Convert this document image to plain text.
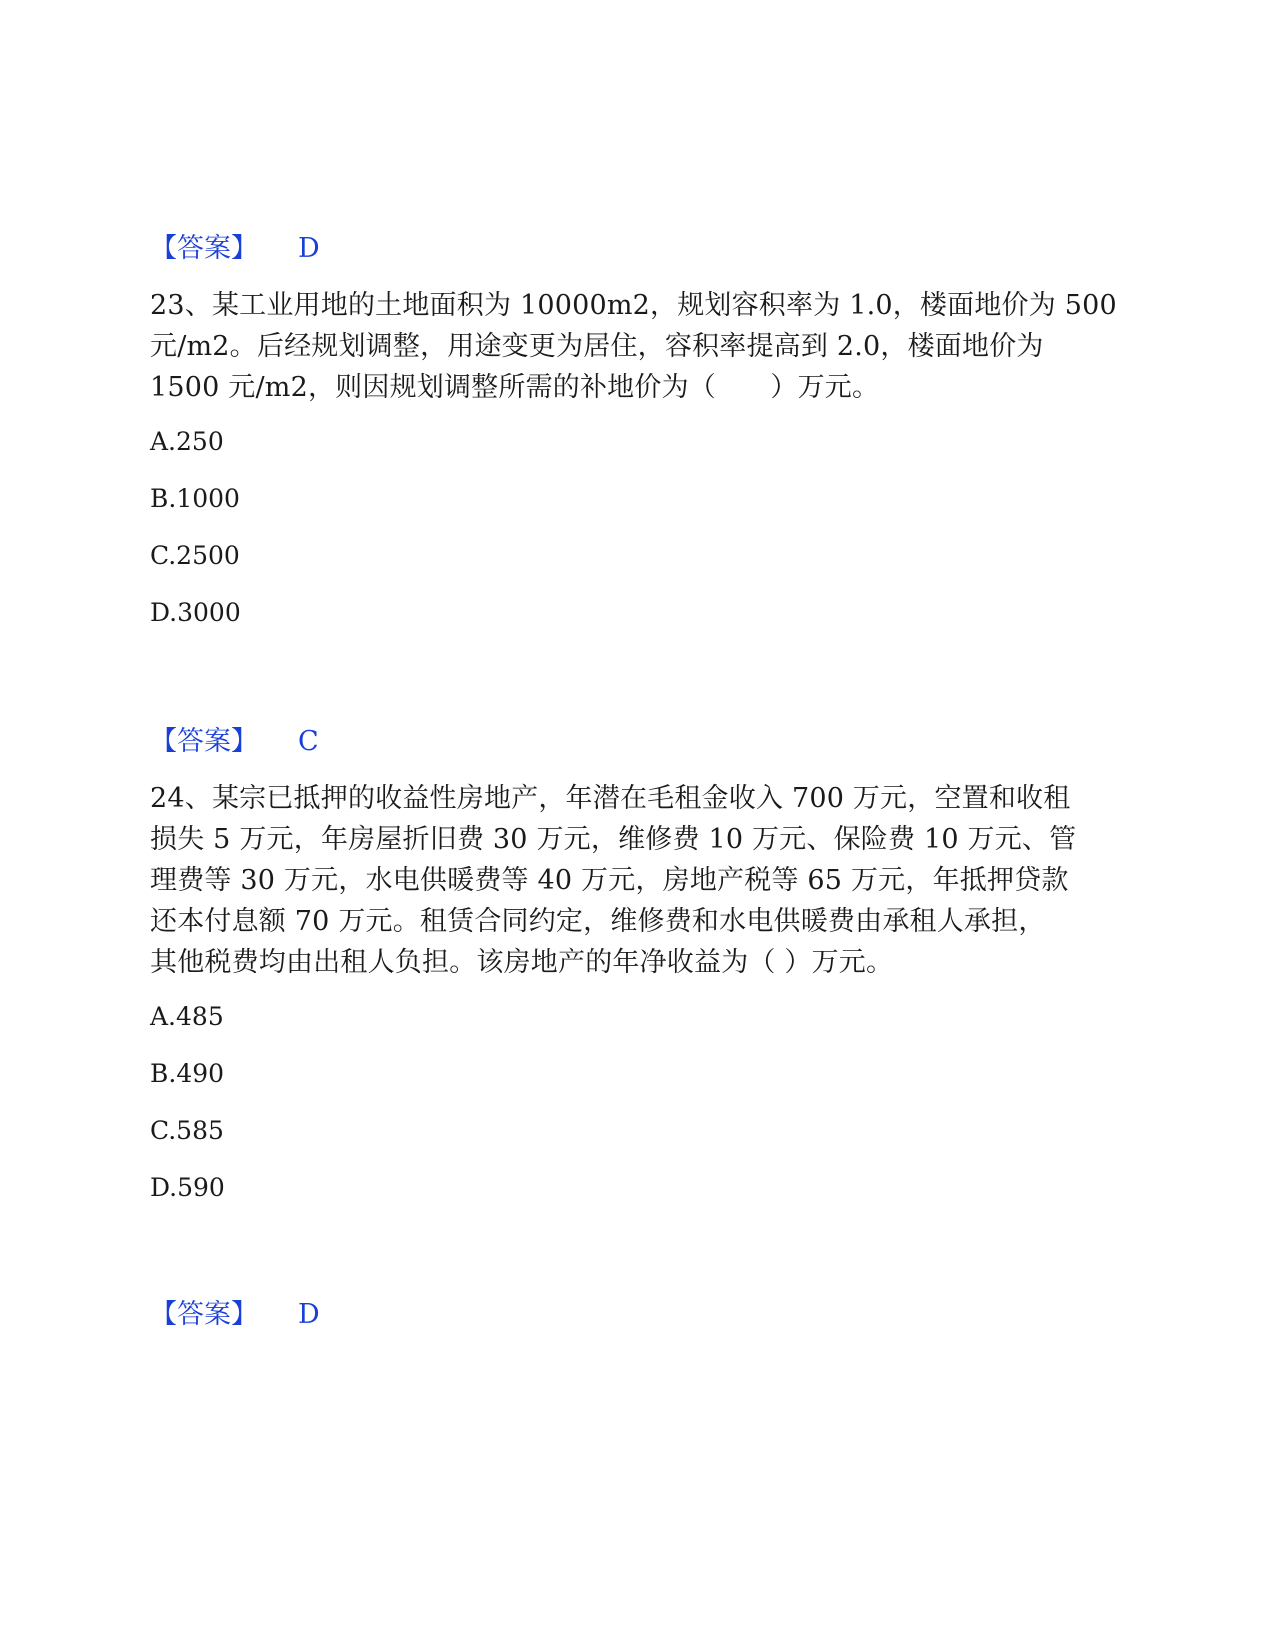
【答案】 D

23、某工业用地的土地面积为 10000m2，规划容积率为 1.0，楼面地价为 500
元/m2。后经规划调整，用途变更为居住，容积率提高到 2.0，楼面地价为
1500 元/m2，则因规划调整所需的补地价为（　　）万元。

A.250
B.1000
C.2500
D.3000
【答案】 C

24、某宗已抵押的收益性房地产，年潜在毛租金收入 700 万元，空置和收租
损失 5 万元，年房屋折旧费 30 万元，维修费 10 万元、保险费 10 万元、管
理费等 30 万元，水电供暖费等 40 万元，房地产税等 65 万元，年抵押贷款
还本付息额 70 万元。租赁合同约定，维修费和水电供暖费由承租人承担，
其他税费均由出租人负担。该房地产的年净收益为（ ）万元。

A.485
B.490
C.585
D.590
【答案】 D
